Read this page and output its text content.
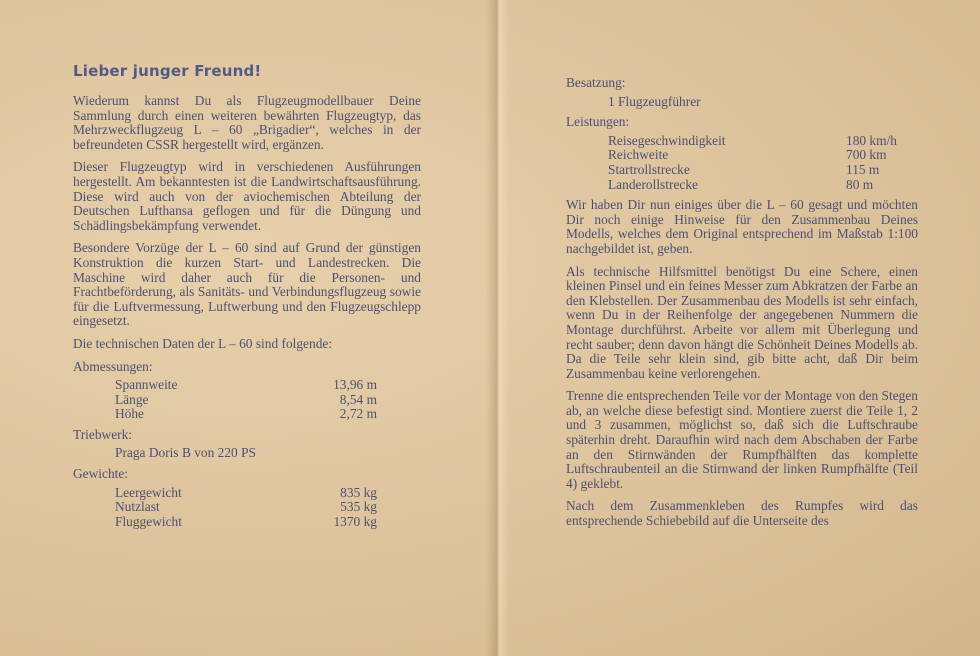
Lieber junger Freund!

Wiederum kannst Du als Flugzeugmodellbauer Deine Sammlung durch einen weiteren bewährten Flugzeugtyp, das Mehrzweckflugzeug L – 60 „Brigadier“, welches in der befreundeten CSSR hergestellt wird, ergänzen.

Dieser Flugzeugtyp wird in verschiedenen Ausführungen hergestellt. Am bekanntesten ist die Landwirtschaftsausführung. Diese wird auch von der aviochemischen Abteilung der Deutschen Lufthansa geflogen und für die Düngung und Schädlingsbekämpfung verwendet.

Besondere Vorzüge der L – 60 sind auf Grund der günstigen Konstruktion die kurzen Start- und Landestrecken. Die Maschine wird daher auch für die Personen- und Frachtbeförderung, als Sanitäts- und Verbindungsflugzeug sowie für die Luftvermessung, Luftwerbung und den Flugzeugschlepp eingesetzt.

Die technischen Daten der L – 60 sind folgende:

Abmessungen:

Spannweite	13,96 m
Länge	8,54 m
Höhe	2,72 m

Triebwerk:

Praga Doris B von 220 PS

Gewichte:

Leergewicht	835 kg
Nutzlast	535 kg
Fluggewicht	1370 kg

Besatzung:

1 Flugzeugführer

Leistungen:

Reisegeschwindigkeit	180 km/h
Reichweite	700 km
Startrollstrecke	115 m
Landerollstrecke	80 m

Wir haben Dir nun einiges über die L – 60 gesagt und möchten Dir noch einige Hinweise für den Zusammenbau Deines Modells, welches dem Original entsprechend im Maßstab 1:100 nachgebildet ist, geben.

Als technische Hilfsmittel benötigst Du eine Schere, einen kleinen Pinsel und ein feines Messer zum Abkratzen der Farbe an den Klebstellen. Der Zusammenbau des Modells ist sehr einfach, wenn Du in der Reihenfolge der angegebenen Nummern die Montage durchführst. Arbeite vor allem mit Überlegung und recht sauber; denn davon hängt die Schönheit Deines Modells ab. Da die Teile sehr klein sind, gib bitte acht, daß Dir beim Zusammenbau keine verlorengehen.

Trenne die entsprechenden Teile vor der Montage von den Stegen ab, an welche diese befestigt sind. Montiere zuerst die Teile 1, 2 und 3 zusammen, möglichst so, daß sich die Luftschraube späterhin dreht. Daraufhin wird nach dem Abschaben der Farbe an den Stirnwänden der Rumpfhälften das komplette Luftschraubenteil an die Stirnwand der linken Rumpfhälfte (Teil 4) geklebt.

Nach dem Zusammenkleben des Rumpfes wird das entsprechende Schiebebild auf die Unterseite des
